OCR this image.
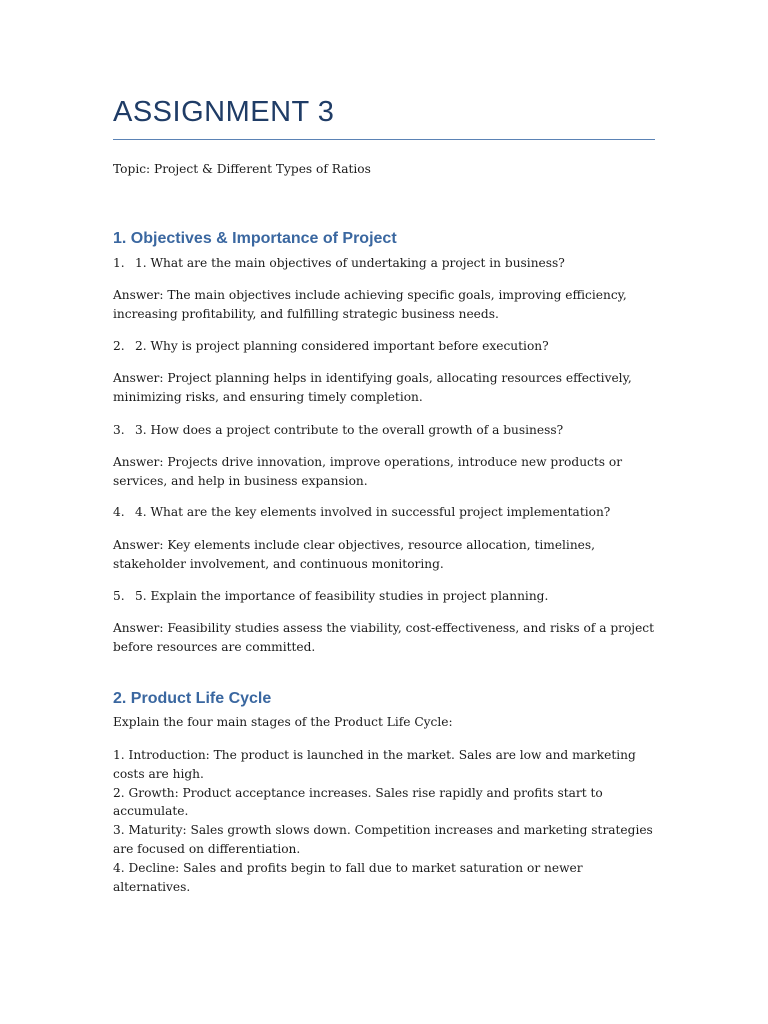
ASSIGNMENT 3
Topic: Project & Different Types of Ratios
1. Objectives & Importance of Project
1. 1. What are the main objectives of undertaking a project in business?
Answer: The main objectives include achieving specific goals, improving efficiency, increasing profitability, and fulfilling strategic business needs.
2. 2. Why is project planning considered important before execution?
Answer: Project planning helps in identifying goals, allocating resources effectively, minimizing risks, and ensuring timely completion.
3. 3. How does a project contribute to the overall growth of a business?
Answer: Projects drive innovation, improve operations, introduce new products or services, and help in business expansion.
4. 4. What are the key elements involved in successful project implementation?
Answer: Key elements include clear objectives, resource allocation, timelines, stakeholder involvement, and continuous monitoring.
5. 5. Explain the importance of feasibility studies in project planning.
Answer: Feasibility studies assess the viability, cost-effectiveness, and risks of a project before resources are committed.
2. Product Life Cycle
Explain the four main stages of the Product Life Cycle:
1. Introduction: The product is launched in the market. Sales are low and marketing costs are high.
2. Growth: Product acceptance increases. Sales rise rapidly and profits start to accumulate.
3. Maturity: Sales growth slows down. Competition increases and marketing strategies are focused on differentiation.
4. Decline: Sales and profits begin to fall due to market saturation or newer alternatives.
